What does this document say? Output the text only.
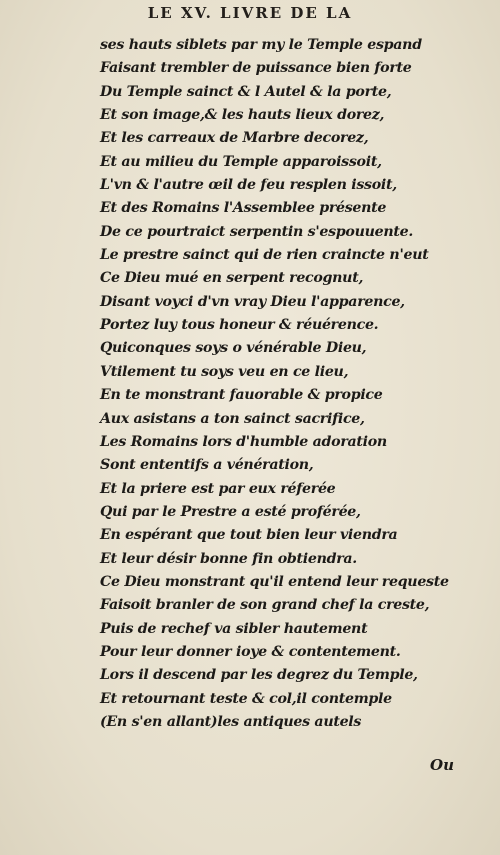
LE XV. LIVRE DE LA
ses hauts siblets par my le Temple espand
Faisant trembler de puissance bien forte
Du Temple sainct & l Autel & la porte,
Et son image,& les hauts lieux dorez,
Et les carreaux de Marbre decorez,
Et au milieu du Temple apparoissoit,
L'vn & l'autre œil de feu resplen issoit,
Et des Romains l'Assemblee présente
De ce pourtraict serpentin s'espouuente.
Le prestre sainct qui de rien craincte n'eut
Ce Dieu mué en serpent recognut,
Disant voyci d'vn vray Dieu l'apparence,
Portez luy tous honeur & réuérence.
Quiconques soys o vénérable Dieu,
Vtilement tu soys veu en ce lieu,
En te monstrant fauorable & propice
Aux asistans a ton sainct sacrifice,
Les Romains lors d'humble adoration
Sont ententifs a vénération,
Et la priere est par eux réferée
Qui par le Prestre a esté proférée,
En espérant que tout bien leur viendra
Et leur désir bonne fin obtiendra.
Ce Dieu monstrant qu'il entend leur requeste
Faisoit branler de son grand chef la creste,
Puis de rechef va sibler hautement
Pour leur donner ioye & contentement.
Lors il descend par les degrez du Temple,
Et retournant teste & col,il contemple
(En s'en allant)les antiques autels
Ou
